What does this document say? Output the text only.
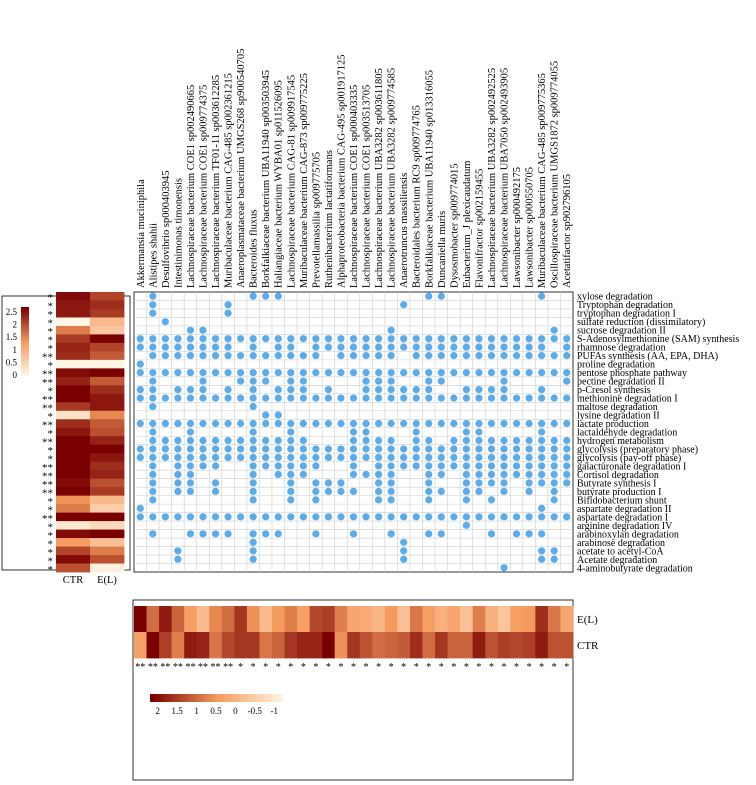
Akkermansia muciniphila Alistipes shahii Desulfovibrio sp000403945 Intestinimonas timonensis Lachnospiraceae bacterium COE1 sp002490665 Lachnospiraceae bacterium COE1 sp009774375 Lachnospiraceae bacterium TF01-11 sp003612285 Muribaculaceae bacterium CAG-485 sp002361215 Anaeroplasmataceae bacterium UMGS268 sp900540705 Bacteroides fluxus Borkfalkiaceae bacterium UBA11940 sp003503945 Haliangiaceae bacterium WYBA01 sp011526095 Lachnospiraceae bacterium CAG-81 sp009917545 Muribaculaceae bacterium CAG-873 sp009775225 Prevotellamassilia sp009775705 Ruthenibacterium lactatiformans Alphaproteobacteria bacterium CAG-495 sp001917125 Lachnospiraceae bacterium COE1 sp000403335 Lachnospiraceae bacterium COE1 sp003513705 Lachnospiraceae bacterium UBA3282 sp003611805 Lachnospiraceae bacterium UBA3282 sp009774585 Anaerotruncus massiliensis Bacteroidales bacterium RC9 sp009774765 Borkfalkiaceae bacterium UBA11940 sp013316055 Duncaniella muris Dysosmobacter sp009774015 Eubacterium_J plexicaudatum Flavonifractor sp002159455 Lachnospiraceae bacterium UBA3282 sp002492525 Lachnospiraceae bacterium UBA7050 sp002493905 Lawsonibacter sp000492175 Lawsonibacter sp000550705 Muribaculaceae bacterium CAG-485 sp009775365 Oscillospiraceae bacterium UMGS1872 sp009774055 Acetatifactor sp902796105
xylose degradation
Tryptophan degradation
tryptophan degradation I
sulfate reduction (dissimilatory)
sucrose degradation II
S-Adenosylmethionine (SAM) synthesis
rhamnose degradation
PUFAs synthesis (AA, EPA, DHA)
proline degradation
pentose phosphate pathway
pectine degradation II
p-Cresol synthesis
methionine degradation I
maltose degradation
lysine degradation II
lactate production
lactaldehyde degradation
hydrogen metabolism
glycolysis (preparatory phase)
glycolysis (pay-off phase)
galacturonate degradation I
Cortisol degradation
Butyrate synthesis I
butyrate production I
Bifidobacterium shunt
aspartate degradation II
aspartate degradation I
arginine degradation IV
arabinoxylan degradation
arabinose degradation
acetate to acetyl-CoA
Acetate degradation
4-aminobutyrate degradation
2.5
2
1.5
1
0.5
0
*
*
*
*
*
*
*
**
*
**
**
*
**
**
*
**
*
**
*
*
**
**
**
**
*
*
**
*
*
*
*
*
*
CTR E(L)
E(L)
CTR
** ** ** ** ** ** ** ** * * * * * * * * * * * * * * * * * * * * * * * * * * *
2 1.5 1 0.5 0 -0.5 -1
